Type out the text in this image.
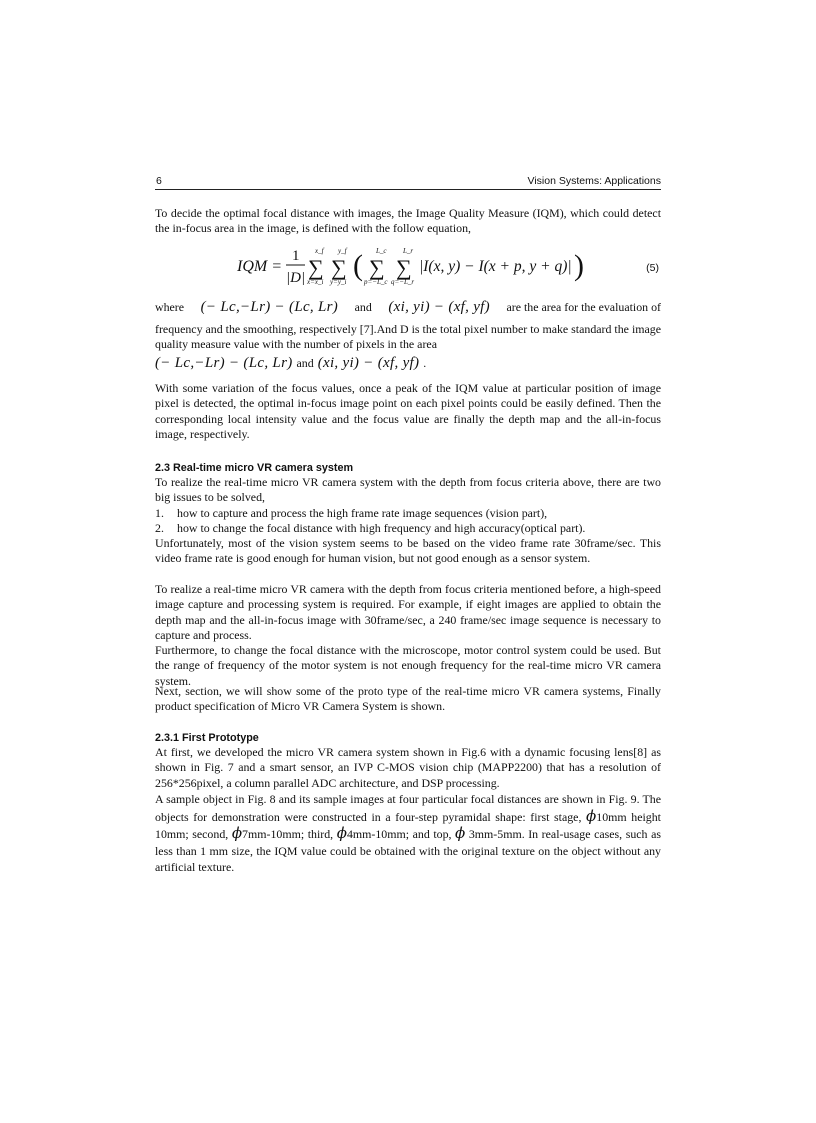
6	Vision Systems: Applications

To decide the optimal focal distance with images, the Image Quality Measure (IQM), which could detect the in-focus area in the image, is defined with the follow equation,

IQM =
1
|D| ∑
x_f
x=x_i
∑
y_f
y=y_i ( ∑
L_c
p=−L_c
∑
L_r
q=−L_r
|I(x, y) − I(x + p, y + q)| )	(5)
where (− Lc,−Lr) − (Lc, Lr) and (xi, yi) − (xf, yf) are the area for the evaluation of

frequency and the smoothing, respectively [7].And D is the total pixel number to make standard the image quality measure value with the number of pixels in the area

(− Lc,−Lr) − (Lc, Lr) and (xi, yi) − (xf, yf) .

With some variation of the focus values, once a peak of the IQM value at particular position of image pixel is detected, the optimal in-focus image point on each pixel points could be easily defined. Then the corresponding local intensity value and the focus value are finally the depth map and the all-in-focus image, respectively.

2.3 Real-time micro VR camera system

To realize the real-time micro VR camera system with the depth from focus criteria above, there are two big issues to be solved,

1. how to capture and process the high frame rate image sequences (vision part),

2. how to change the focal distance with high frequency and high accuracy(optical part).

Unfortunately, most of the vision system seems to be based on the video frame rate 30frame/sec. This video frame rate is good enough for human vision, but not good enough as a sensor system.

To realize a real-time micro VR camera with the depth from focus criteria mentioned before, a high-speed image capture and processing system is required. For example, if eight images are applied to obtain the depth map and the all-in-focus image with 30frame/sec, a 240 frame/sec image sequence is necessary to capture and process.

Furthermore, to change the focal distance with the microscope, motor control system could be used. But the range of frequency of the motor system is not enough frequency for the real-time micro VR camera system.

Next, section, we will show some of the proto type of the real-time micro VR camera systems, Finally product specification of Micro VR Camera System is shown.

2.3.1 First Prototype

At first, we developed the micro VR camera system shown in Fig.6 with a dynamic focusing lens[8] as shown in Fig. 7 and a smart sensor, an IVP C-MOS vision chip (MAPP2200) that has a resolution of 256*256pixel, a column parallel ADC architecture, and DSP processing.

A sample object in Fig. 8 and its sample images at four particular focal distances are shown in Fig. 9. The objects for demonstration were constructed in a four-step pyramidal shape: first stage, ϕ10mm height 10mm; second, ϕ7mm-10mm; third, ϕ4mm-10mm; and top, ϕ 3mm-5mm. In real-usage cases, such as less than 1 mm size, the IQM value could be obtained with the original texture on the object without any artificial texture.
